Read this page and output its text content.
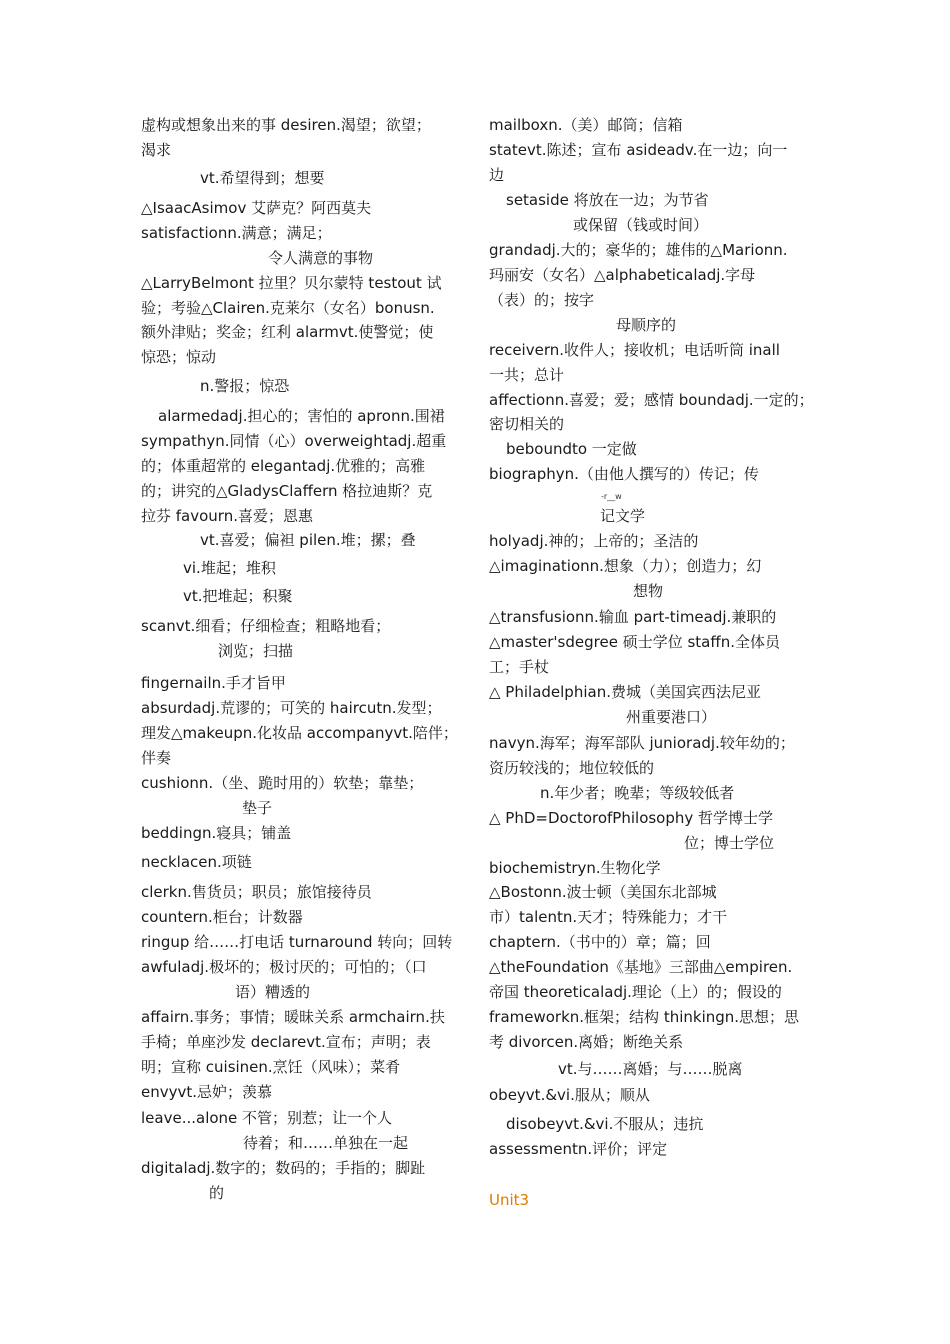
虚构或想象出来的事 desiren.渴望；欲望；
渴求
vt.希望得到；想要
△IsaacAsimov 艾萨克？阿西莫夫
satisfactionn.满意；满足；
令人满意的事物
△LarryBelmont 拉里？贝尔蒙特 testout 试
验；考验△Clairen.克莱尔（女名）bonusn.
额外津贴；奖金；红利 alarmvt.使警觉；使
惊恐；惊动
n.警报；惊恐
alarmedadj.担心的；害怕的 apronn.围裙
sympathyn.同情（心）overweightadj.超重
的；体重超常的 elegantadj.优雅的；高雅
的；讲究的△GladysClaffern 格拉迪斯？克
拉芬 favourn.喜爱；恩惠
vt.喜爱；偏袒 pilen.堆；摞；叠
vi.堆起；堆积
vt.把堆起；积聚
scanvt.细看；仔细检查；粗略地看；
浏览；扫描
fingernailn.手才旨甲
absurdadj.荒谬的；可笑的 haircutn.发型；
理发△makeupn.化妆品 accompanyvt.陪伴；
伴奏
cushionn.（坐、跪时用的）软垫；靠垫；
垫子
beddingn.寝具；铺盖
necklacen.项链
clerkn.售货员；职员；旅馆接待员
countern.柜台；计数器
ringup 给……打电话 turnaround 转向；回转
awfuladj.极坏的；极讨厌的；可怕的；（口
语）糟透的
affairn.事务；事情；暖昧关系 armchairn.扶
手椅；单座沙发 declarevt.宣布；声明；表
明；宣称 cuisinen.烹饪（风味）；菜肴
envyvt.忌妒；羡慕
leave...alone 不管；别惹；让一个人
待着；和……单独在一起
digitaladj.数字的；数码的；手指的；脚趾
的
mailboxn.（美）邮筒；信箱
statevt.陈述；宣布 asideadv.在一边；向一
边
setaside 将放在一边；为节省
或保留（钱或时间）
grandadj.大的；豪华的；雄伟的△Marionn.
玛丽安（女名）△alphabeticaladj.字母
（表）的；按字
母顺序的
receivern.收件人；接收机；电话听筒 inall
一共；总计
affectionn.喜爱；爱；感情 boundadj.一定的；
密切相关的
beboundto 一定做
biographyn.（由他人撰写的）传记；传
-r__w
记文学
holyadj.神的；上帝的；圣洁的
△imaginationn.想象（力）；创造力；幻
想物
△transfusionn.输血 part-timeadj.兼职的
△master'sdegree 硕士学位 staffn.全体员
工；手杖
△ Philadelphian.费城（美国宾西法尼亚
州重要港口）
navyn.海军；海军部队 junioradj.较年幼的；
资历较浅的；地位较低的
n.年少者；晚辈；等级较低者
△ PhD=DoctorofPhilosophy 哲学博士学
位；博士学位
biochemistryn.生物化学
△Bostonn.波士顿（美国东北部城
市）talentn.天才；特殊能力；才干
chaptern.（书中的）章；篇；回
△theFoundation《基地》三部曲△empiren.
帝国 theoreticaladj.理论（上）的；假设的
frameworkn.框架；结构 thinkingn.思想；思
考 divorcen.离婚；断绝关系
vt.与……离婚；与……脱离
obeyvt.&vi.服从；顺从
disobeyvt.&vi.不服从；违抗
assessmentn.评价；评定
Unit3
